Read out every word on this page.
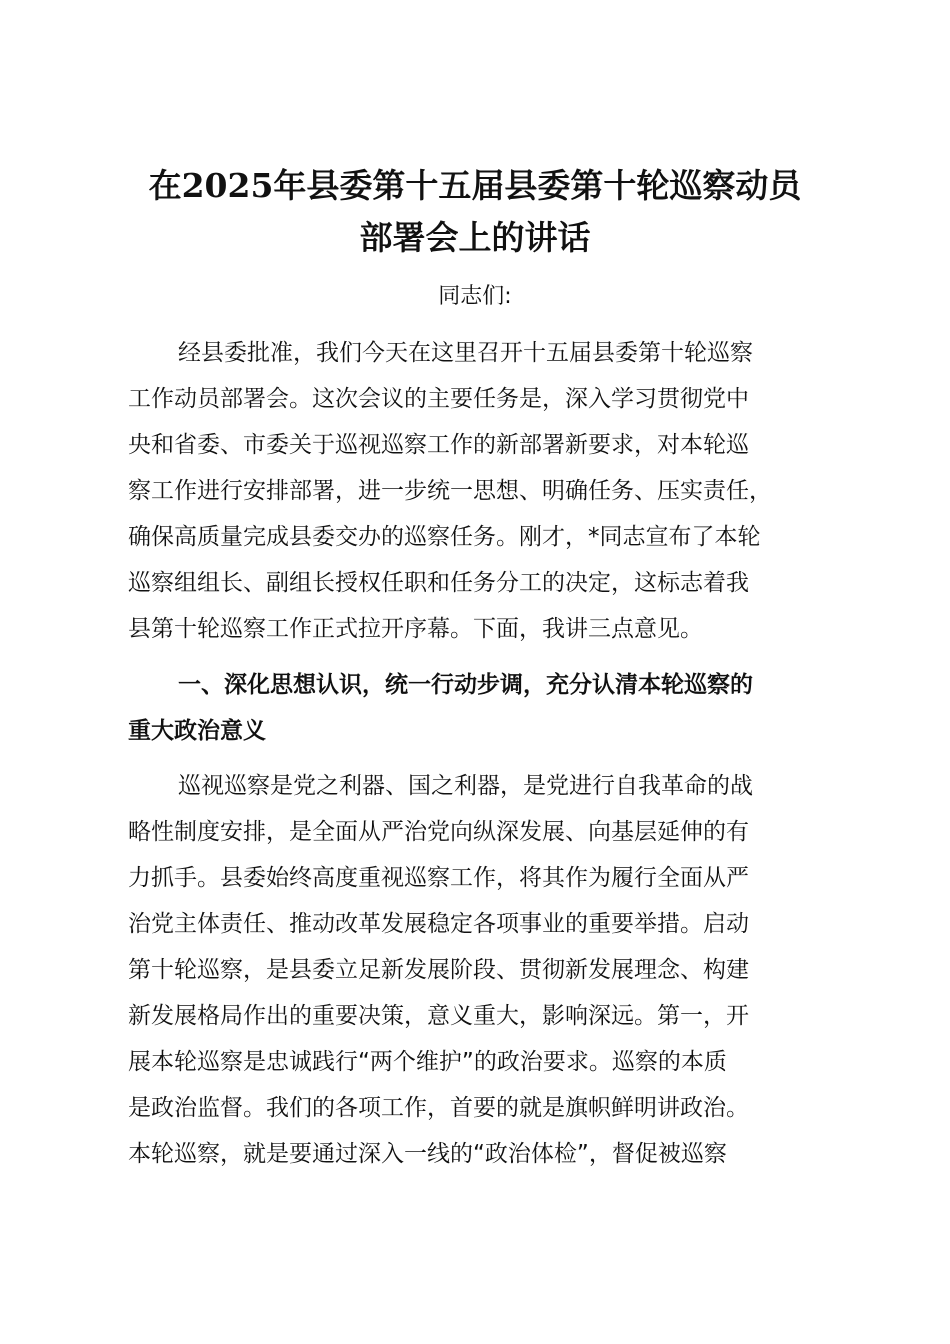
在2025年县委第十五届县委第十轮巡察动员
部署会上的讲话

同志们:

经县委批准，我们今天在这里召开十五届县委第十轮巡察
工作动员部署会。这次会议的主要任务是，深入学习贯彻党中
央和省委、市委关于巡视巡察工作的新部署新要求，对本轮巡
察工作进行安排部署，进一步统一思想、明确任务、压实责任，
确保高质量完成县委交办的巡察任务。刚才，*同志宣布了本轮
巡察组组长、副组长授权任职和任务分工的决定，这标志着我
县第十轮巡察工作正式拉开序幕。下面，我讲三点意见。
一、深化思想认识，统一行动步调，充分认清本轮巡察的
重大政治意义
巡视巡察是党之利器、国之利器，是党进行自我革命的战
略性制度安排，是全面从严治党向纵深发展、向基层延伸的有
力抓手。县委始终高度重视巡察工作，将其作为履行全面从严
治党主体责任、推动改革发展稳定各项事业的重要举措。启动
第十轮巡察，是县委立足新发展阶段、贯彻新发展理念、构建
新发展格局作出的重要决策，意义重大，影响深远。第一，开
展本轮巡察是忠诚践行“两个维护”的政治要求。巡察的本质
是政治监督。我们的各项工作，首要的就是旗帜鲜明讲政治。
本轮巡察，就是要通过深入一线的“政治体检”，督促被巡察
